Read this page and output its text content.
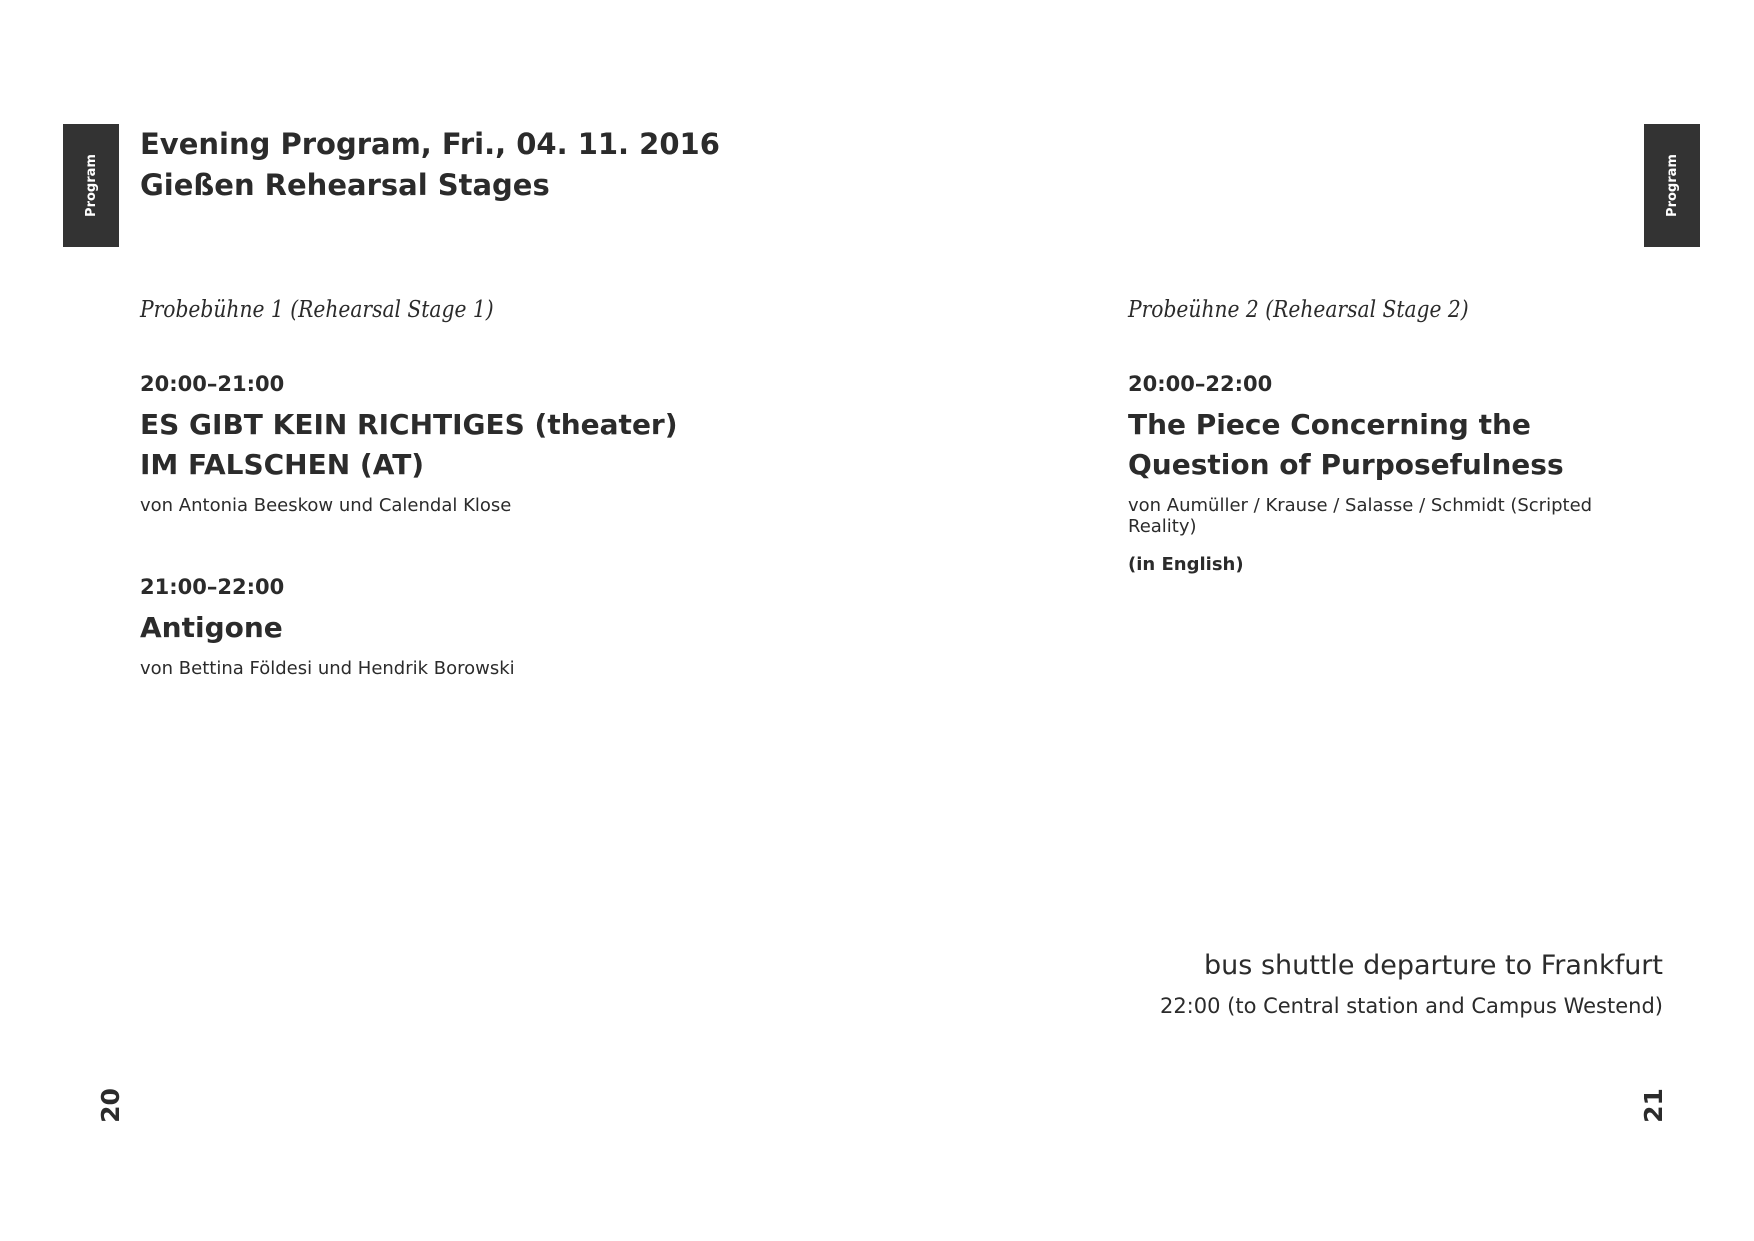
Program	Program
Evening Program, Fri., 04. 11. 2016
Gießen Rehearsal Stages
Probebühne 1 (Rehearsal Stage 1)
20:00–21:00
ES GIBT KEIN RICHTIGES (theater)
IM FALSCHEN (AT)
von Antonia Beeskow und Calendal Klose
21:00–22:00
Antigone
von Bettina Földesi und Hendrik Borowski
Probeühne 2 (Rehearsal Stage 2)
20:00–22:00
The Piece Concerning the
Question of Purposefulness
von Aumüller / Krause / Salasse / Schmidt (Scripted Reality)
(in English)
bus shuttle departure to Frankfurt
22:00 (to Central station and Campus Westend)
20	21
